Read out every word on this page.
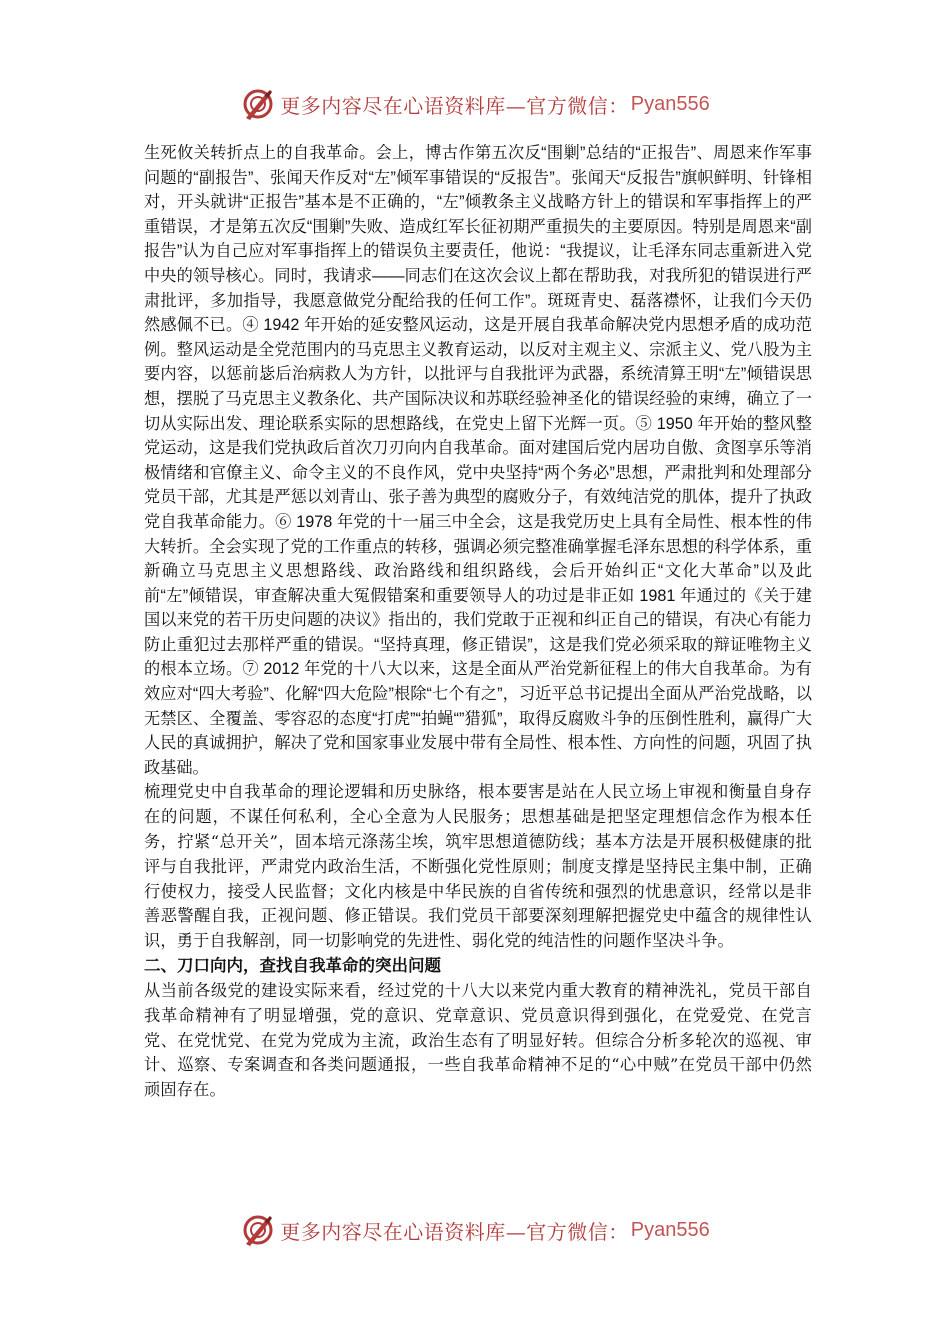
更多内容尽在心语资料库—官方微信： Pyan556

生死攸关转折点上的自我革命。会上，博古作第五次反“围剿”总结的“正报告”、周恩来作军事问题的“副报告”、张闻天作反对“左”倾军事错误的“反报告”。张闻天“反报告”旗帜鲜明、针锋相对，开头就讲“正报告”基本是不正确的，“左”倾教条主义战略方针上的错误和军事指挥上的严重错误，才是第五次反“围剿”失败、造成红军长征初期严重损失的主要原因。特别是周恩来“副报告”认为自己应对军事指挥上的错误负主要责任，他说：“我提议，让毛泽东同志重新进入党中央的领导核心。同时，我请求——同志们在这次会议上都在帮助我，对我所犯的错误进行严肃批评，多加指导，我愿意做党分配给我的任何工作”。斑斑青史、磊落襟怀，让我们今天仍然感佩不已。④ 1942 年开始的延安整风运动，这是开展自我革命解决党内思想矛盾的成功范例。整风运动是全党范围内的马克思主义教育运动，以反对主观主义、宗派主义、党八股为主要内容，以惩前毖后治病救人为方针，以批评与自我批评为武器，系统清算王明“左”倾错误思想，摆脱了马克思主义教条化、共产国际决议和苏联经验神圣化的错误经验的束缚，确立了一切从实际出发、理论联系实际的思想路线，在党史上留下光辉一页。⑤ 1950 年开始的整风整党运动，这是我们党执政后首次刀刃向内自我革命。面对建国后党内居功自傲、贪图享乐等消极情绪和官僚主义、命令主义的不良作风，党中央坚持“两个务必”思想，严肃批判和处理部分党员干部，尤其是严惩以刘青山、张子善为典型的腐败分子，有效纯洁党的肌体，提升了执政党自我革命能力。⑥ 1978 年党的十一届三中全会，这是我党历史上具有全局性、根本性的伟大转折。全会实现了党的工作重点的转移，强调必须完整准确掌握毛泽东思想的科学体系，重新确立马克思主义思想路线、政治路线和组织路线，会后开始纠正“文化大革命”以及此前“左”倾错误，审查解决重大冤假错案和重要领导人的功过是非正如 1981 年通过的《关于建国以来党的若干历史问题的决议》指出的，我们党敢于正视和纠正自己的错误，有决心有能力防止重犯过去那样严重的错误。“坚持真理，修正错误”，这是我们党必须采取的辩证唯物主义的根本立场。⑦ 2012 年党的十八大以来，这是全面从严治党新征程上的伟大自我革命。为有效应对“四大考验”、化解“四大危险”根除“七个有之”，习近平总书记提出全面从严治党战略，以无禁区、全覆盖、零容忍的态度“打虎”“拍蝇“”猎狐”，取得反腐败斗争的压倒性胜利，赢得广大人民的真诚拥护，解决了党和国家事业发展中带有全局性、根本性、方向性的问题，巩固了执政基础。

梳理党史中自我革命的理论逻辑和历史脉络，根本要害是站在人民立场上审视和衡量自身存在的问题，不谋任何私利，全心全意为人民服务；思想基础是把坚定理想信念作为根本任务，拧紧“总开关”，固本培元涤荡尘埃，筑牢思想道德防线；基本方法是开展积极健康的批评与自我批评，严肃党内政治生活，不断强化党性原则；制度支撑是坚持民主集中制，正确行使权力，接受人民监督；文化内核是中华民族的自省传统和强烈的忧患意识，经常以是非善恶警醒自我，正视问题、修正错误。我们党员干部要深刻理解把握党史中蕴含的规律性认识，勇于自我解剖，同一切影响党的先进性、弱化党的纯洁性的问题作坚决斗争。

二、刀口向内，查找自我革命的突出问题

从当前各级党的建设实际来看，经过党的十八大以来党内重大教育的精神洗礼，党员干部自我革命精神有了明显增强，党的意识、党章意识、党员意识得到强化，在党爱党、在党言党、在党忧党、在党为党成为主流，政治生态有了明显好转。但综合分析多轮次的巡视、审计、巡察、专案调查和各类问题通报，一些自我革命精神不足的“心中贼”在党员干部中仍然顽固存在。

更多内容尽在心语资料库—官方微信： Pyan556
